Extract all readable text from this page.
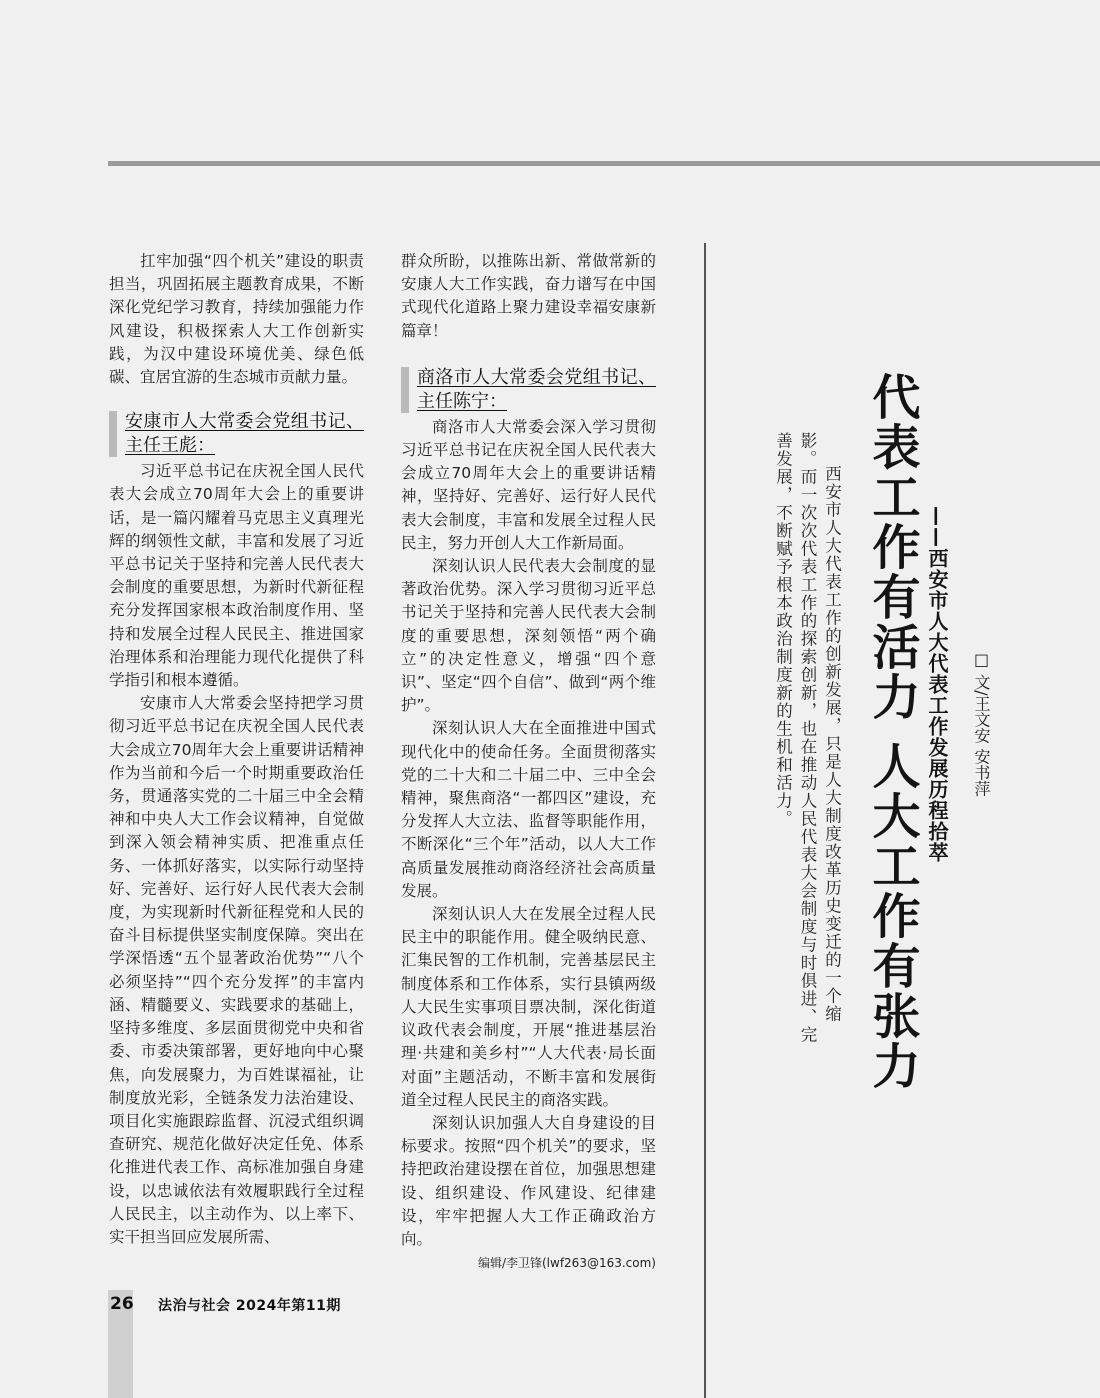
扛牢加强“四个机关”建设的职责担当，巩固拓展主题教育成果，不断深化党纪学习教育，持续加强能力作风建设，积极探索人大工作创新实践，为汉中建设环境优美、绿色低碳、宜居宜游的生态城市贡献力量。

安康市人大常委会党组书记、主任王彪：

习近平总书记在庆祝全国人民代表大会成立70周年大会上的重要讲话，是一篇闪耀着马克思主义真理光辉的纲领性文献，丰富和发展了习近平总书记关于坚持和完善人民代表大会制度的重要思想，为新时代新征程充分发挥国家根本政治制度作用、坚持和发展全过程人民民主、推进国家治理体系和治理能力现代化提供了科学指引和根本遵循。

安康市人大常委会坚持把学习贯彻习近平总书记在庆祝全国人民代表大会成立70周年大会上重要讲话精神作为当前和今后一个时期重要政治任务，贯通落实党的二十届三中全会精神和中央人大工作会议精神，自觉做到深入领会精神实质、把准重点任务、一体抓好落实，以实际行动坚持好、完善好、运行好人民代表大会制度，为实现新时代新征程党和人民的奋斗目标提供坚实制度保障。突出在学深悟透“五个显著政治优势”“八个必须坚持”“四个充分发挥”的丰富内涵、精髓要义、实践要求的基础上，坚持多维度、多层面贯彻党中央和省委、市委决策部署，更好地向中心聚焦，向发展聚力，为百姓谋福祉，让制度放光彩，全链条发力法治建设、项目化实施跟踪监督、沉浸式组织调查研究、规范化做好决定任免、体系化推进代表工作、高标准加强自身建设，以忠诚依法有效履职践行全过程人民民主，以主动作为、以上率下、实干担当回应发展所需、

群众所盼，以推陈出新、常做常新的安康人大工作实践，奋力谱写在中国式现代化道路上聚力建设幸福安康新篇章！

商洛市人大常委会党组书记、主任陈宁：

商洛市人大常委会深入学习贯彻习近平总书记在庆祝全国人民代表大会成立70周年大会上的重要讲话精神，坚持好、完善好、运行好人民代表大会制度，丰富和发展全过程人民民主，努力开创人大工作新局面。

深刻认识人民代表大会制度的显著政治优势。深入学习贯彻习近平总书记关于坚持和完善人民代表大会制度的重要思想，深刻领悟“两个确立”的决定性意义，增强“四个意识”、坚定“四个自信”、做到“两个维护”。

深刻认识人大在全面推进中国式现代化中的使命任务。全面贯彻落实党的二十大和二十届二中、三中全会精神，聚焦商洛“一都四区”建设，充分发挥人大立法、监督等职能作用，不断深化“三个年”活动，以人大工作高质量发展推动商洛经济社会高质量发展。

深刻认识人大在发展全过程人民民主中的职能作用。健全吸纳民意、汇集民智的工作机制，完善基层民主制度体系和工作体系，实行县镇两级人大民生实事项目票决制，深化街道议政代表会制度，开展“推进基层治理·共建和美乡村”“人大代表·局长面对面”主题活动，不断丰富和发展街道全过程人民民主的商洛实践。

深刻认识加强人大自身建设的目标要求。按照“四个机关”的要求，坚持把政治建设摆在首位，加强思想建设、组织建设、作风建设、纪律建设，牢牢把握人大工作正确政治方向。

编辑/李卫锋(lwf263@163.com)
代表工作有活力 人大工作有张力 ——西安市人大代表工作发展历程拾萃 □ 文/王文安 安书萍

西安市人大代表工作的创新发展，只是人大制度改革历史变迁的一个缩影。而一次次代表工作的探索创新，也在推动人民代表大会制度与时俱进、完善发展，不断赋予根本政治制度新的生机和活力。

26 法治与社会 2024年第11期
